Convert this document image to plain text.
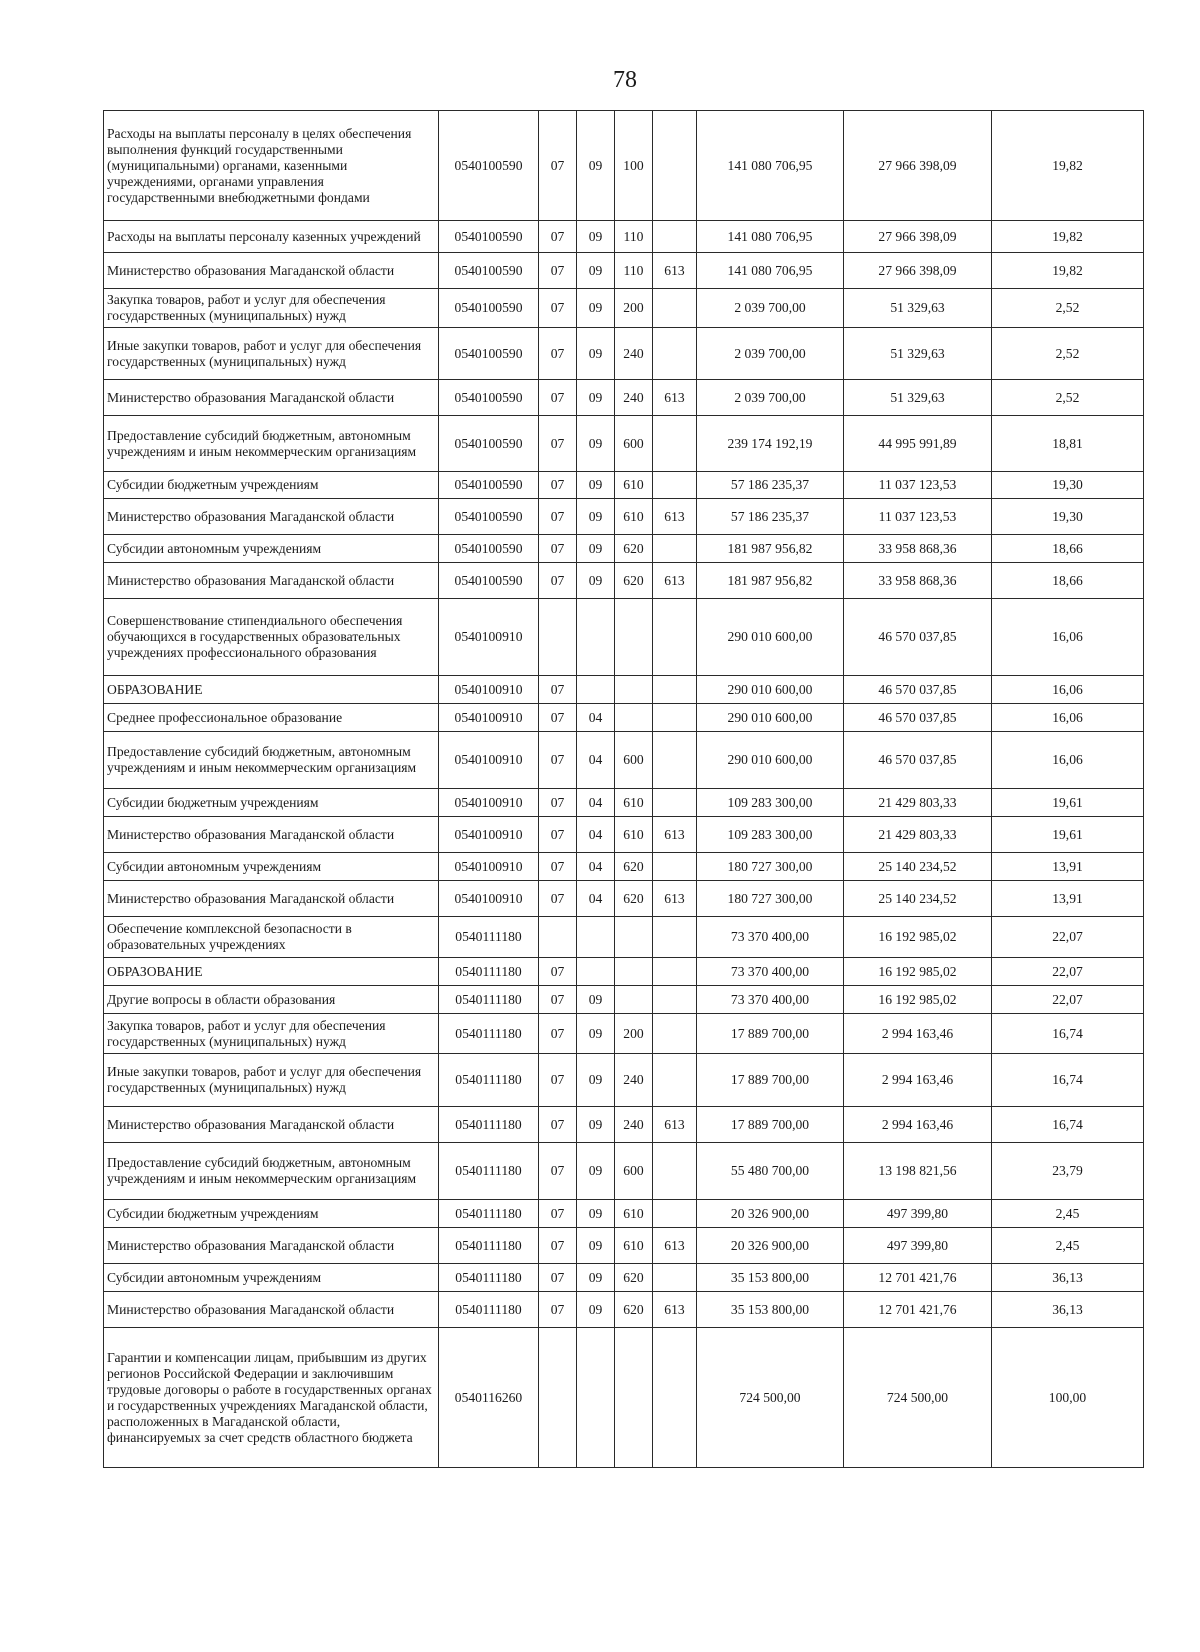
78
Расходы на выплаты персоналу в целях обеспечения выполнения функций государственными (муниципальными) органами, казенными учреждениями, органами управления государственными внебюджетными фондами	0540100590	07	09	100		141 080 706,95	27 966 398,09	19,82
Расходы на выплаты персоналу казенных учреждений	0540100590	07	09	110		141 080 706,95	27 966 398,09	19,82
Министерство образования Магаданской области	0540100590	07	09	110	613	141 080 706,95	27 966 398,09	19,82
Закупка товаров, работ и услуг для обеспечения государственных (муниципальных) нужд	0540100590	07	09	200		2 039 700,00	51 329,63	2,52
Иные закупки товаров, работ и услуг для обеспечения государственных (муниципальных) нужд	0540100590	07	09	240		2 039 700,00	51 329,63	2,52
Министерство образования Магаданской области	0540100590	07	09	240	613	2 039 700,00	51 329,63	2,52
Предоставление субсидий бюджетным, автономным учреждениям и иным некоммерческим организациям	0540100590	07	09	600		239 174 192,19	44 995 991,89	18,81
Субсидии бюджетным учреждениям	0540100590	07	09	610		57 186 235,37	11 037 123,53	19,30
Министерство образования Магаданской области	0540100590	07	09	610	613	57 186 235,37	11 037 123,53	19,30
Субсидии автономным учреждениям	0540100590	07	09	620		181 987 956,82	33 958 868,36	18,66
Министерство образования Магаданской области	0540100590	07	09	620	613	181 987 956,82	33 958 868,36	18,66
Совершенствование стипендиального обеспечения обучающихся в государственных образовательных учреждениях профессионального образования	0540100910					290 010 600,00	46 570 037,85	16,06
ОБРАЗОВАНИЕ	0540100910	07				290 010 600,00	46 570 037,85	16,06
Среднее профессиональное образование	0540100910	07	04			290 010 600,00	46 570 037,85	16,06
Предоставление субсидий бюджетным, автономным учреждениям и иным некоммерческим организациям	0540100910	07	04	600		290 010 600,00	46 570 037,85	16,06
Субсидии бюджетным учреждениям	0540100910	07	04	610		109 283 300,00	21 429 803,33	19,61
Министерство образования Магаданской области	0540100910	07	04	610	613	109 283 300,00	21 429 803,33	19,61
Субсидии автономным учреждениям	0540100910	07	04	620		180 727 300,00	25 140 234,52	13,91
Министерство образования Магаданской области	0540100910	07	04	620	613	180 727 300,00	25 140 234,52	13,91
Обеспечение комплексной безопасности в образовательных учреждениях	0540111180					73 370 400,00	16 192 985,02	22,07
ОБРАЗОВАНИЕ	0540111180	07				73 370 400,00	16 192 985,02	22,07
Другие вопросы в области образования	0540111180	07	09			73 370 400,00	16 192 985,02	22,07
Закупка товаров, работ и услуг для обеспечения государственных (муниципальных) нужд	0540111180	07	09	200		17 889 700,00	2 994 163,46	16,74
Иные закупки товаров, работ и услуг для обеспечения государственных (муниципальных) нужд	0540111180	07	09	240		17 889 700,00	2 994 163,46	16,74
Министерство образования Магаданской области	0540111180	07	09	240	613	17 889 700,00	2 994 163,46	16,74
Предоставление субсидий бюджетным, автономным учреждениям и иным некоммерческим организациям	0540111180	07	09	600		55 480 700,00	13 198 821,56	23,79
Субсидии бюджетным учреждениям	0540111180	07	09	610		20 326 900,00	497 399,80	2,45
Министерство образования Магаданской области	0540111180	07	09	610	613	20 326 900,00	497 399,80	2,45
Субсидии автономным учреждениям	0540111180	07	09	620		35 153 800,00	12 701 421,76	36,13
Министерство образования Магаданской области	0540111180	07	09	620	613	35 153 800,00	12 701 421,76	36,13
Гарантии и компенсации лицам, прибывшим из других регионов Российской Федерации и заключившим трудовые договоры о работе в государственных органах и государственных учреждениях Магаданской области, расположенных в Магаданской области, финансируемых за счет средств областного бюджета	0540116260					724 500,00	724 500,00	100,00
